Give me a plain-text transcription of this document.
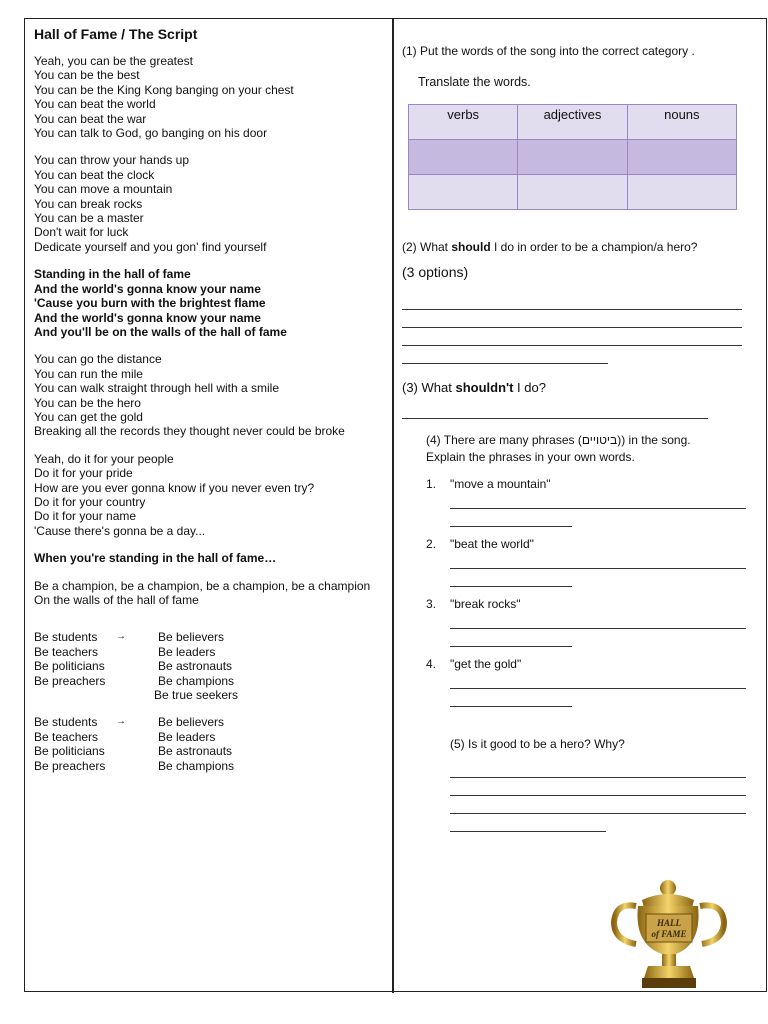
Hall of Fame / The Script
Yeah, you can be the greatest
You can be the best
You can be the King Kong banging on your chest
You can beat the world
You can beat the war
You can talk to God, go banging on his door
You can throw your hands up
You can beat the clock
You can move a mountain
You can break rocks
You can be a master
Don't wait for luck
Dedicate yourself and you gon' find yourself
Standing in the hall of fame
And the world's gonna know your name
'Cause you burn with the brightest flame
And the world's gonna know your name
And you'll be on the walls of the hall of fame
You can go the distance
You can run the mile
You can walk straight through hell with a smile
You can be the hero
You can get the gold
Breaking all the records they thought never could be broke
Yeah, do it for your people
Do it for your pride
How are you ever gonna know if you never even try?
Do it for your country
Do it for your name
'Cause there's gonna be a day...
When you're standing in the hall of fame…
Be a champion, be a champion, be a champion, be a champion
On the walls of the hall of fame
Be students	→	Be believers
Be teachers	Be leaders
Be politicians	Be astronauts
Be preachers	Be champions
Be true seekers
Be students	→	Be believers
Be teachers	Be leaders
Be politicians	Be astronauts
Be preachers	Be champions
(1) Put the words of the song into the correct category .
Translate the words.
verbs	adjectives	nouns

(2) What should I do in order to be a champion/a hero?
(3 options)
(3) What shouldn't I do?
(4) There are many phrases (ביטויים)) in the song.
Explain the phrases in your own words.
1.	"move a mountain"
2.	"beat the world"
3.	"break rocks"
4.	"get the gold"
(5) Is it good to be a hero? Why?
HALL
of FAME
